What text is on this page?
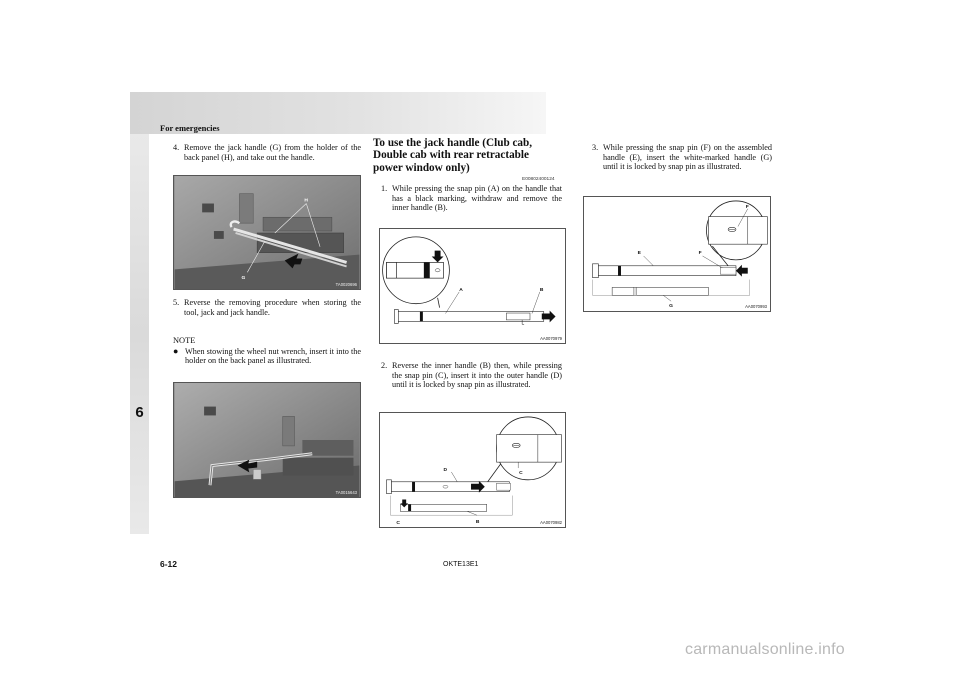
For emergencies
6
4. Remove the jack handle (G) from the holder of the back panel (H), and take out the handle.
H
G
TA0020696
5. Reverse the removing procedure when storing the tool, jack and jack handle.
NOTE
● When stowing the wheel nut wrench, insert it into the holder on the back panel as illustrated.
TA0015643
To use the jack handle (Club cab, Double cab with rear retractable power window only)
E00802400124
1. While pressing the snap pin (A) on the handle that has a black marking, withdraw and remove the inner handle (B).
A	B
AA0070979
2. Reverse the inner handle (B) then, while pressing the snap pin (C), insert it into the outer handle (D) until it is locked by snap pin as illustrated.
D
C
C	B	AA0070982
3. While pressing the snap pin (F) on the assembled handle (E), insert the white-marked handle (G) until it is locked by snap pin as illustrated.
E	F
F
G	AA0070993
6-12	OKTE13E1
carmanualsonline.info
